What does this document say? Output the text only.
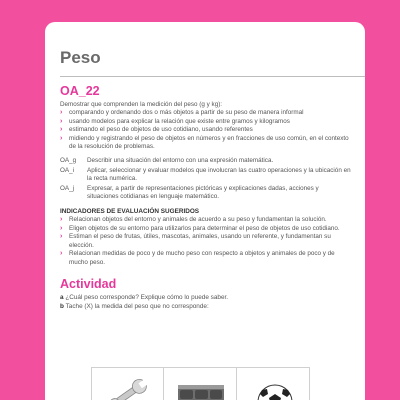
Peso
OA_22
Demostrar que comprenden la medición del peso (g y kg):
› comparando y ordenando dos o más objetos a partir de su peso de manera informal
› usando modelos para explicar la relación que existe entre gramos y kilogramos
› estimando el peso de objetos de uso cotidiano, usando referentes
› midiendo y registrando el peso de objetos en números y en fracciones de uso común, en el contexto de la resolución de problemas.
OA_g	Describir una situación del entorno con una expresión matemática.
OA_i	Aplicar, seleccionar y evaluar modelos que involucran las cuatro operaciones y la ubicación en la recta numérica.
OA_j	Expresar, a partir de representaciones pictóricas y explicaciones dadas, acciones y situaciones cotidianas en lenguaje matemático.
INDICADORES DE EVALUACIÓN SUGERIDOS
› Relacionan objetos del entorno y animales de acuerdo a su peso y fundamentan la solución.
› Eligen objetos de su entorno para utilizarlos para determinar el peso de objetos de uso cotidiano.
› Estiman el peso de frutas, útiles, mascotas, animales, usando un referente, y fundamentan su elección.
› Relacionan medidas de poco y de mucho peso con respecto a objetos y animales de poco y de mucho peso.
Actividad
a ¿Cuál peso corresponde? Explique cómo lo puede saber.
b Tache (X) la medida del peso que no corresponde:
